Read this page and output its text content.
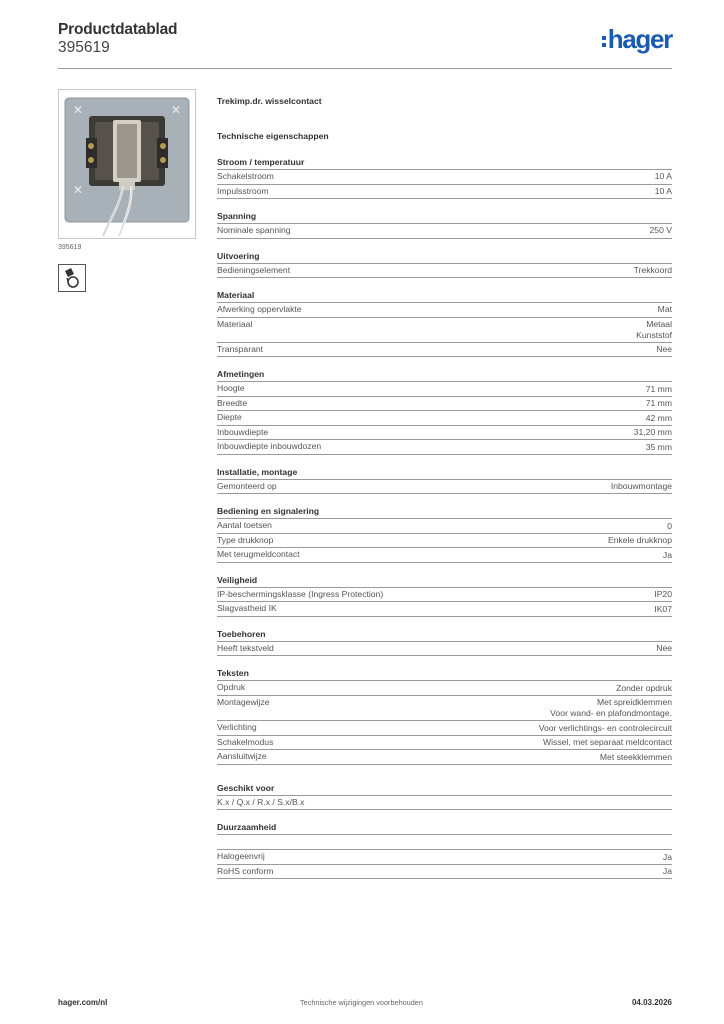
Productdatablad
395619	hager
✕	✕
✕
395619
Trekimp.dr. wisselcontact
Technische eigenschappen
Stroom / temperatuur
Schakelstroom	10 A
Impulsstroom	10 A
Spanning
Nominale spanning	250 V
Uitvoering
Bedieningselement	Trekkoord
Materiaal
Afwerking oppervlakte	Mat
Materiaal	Metaal
Kunststof
Transparant	Nee
Afmetingen
Hoogte	71 mm
Breedte	71 mm
Diepte	42 mm
Inbouwdiepte	31,20 mm
Inbouwdiepte inbouwdozen	35 mm
Installatie, montage
Gemonteerd op	Inbouwmontage
Bediening en signalering
Aantal toetsen	0
Type drukknop	Enkele drukknop
Met terugmeldcontact	Ja
Veiligheid
IP-beschermingsklasse (Ingress Protection)	IP20
Slagvastheid IK	IK07
Toebehoren
Heeft tekstveld	Nee
Teksten
Opdruk	Zonder opdruk
Montagewijze	Met spreidklemmen
Voor wand- en plafondmontage.
Verlichting	Voor verlichtings- en controlecircuit
Schakelmodus	Wissel, met separaat meldcontact
Aansluitwijze	Met steekklemmen
Geschikt voor
K.x / Q.x / R.x / S.x/B.x
Duurzaamheid
Halogeenvrij	Ja
RoHS conform	Ja
hager.com/nl	Technische wijzigingen voorbehouden	04.03.2026
